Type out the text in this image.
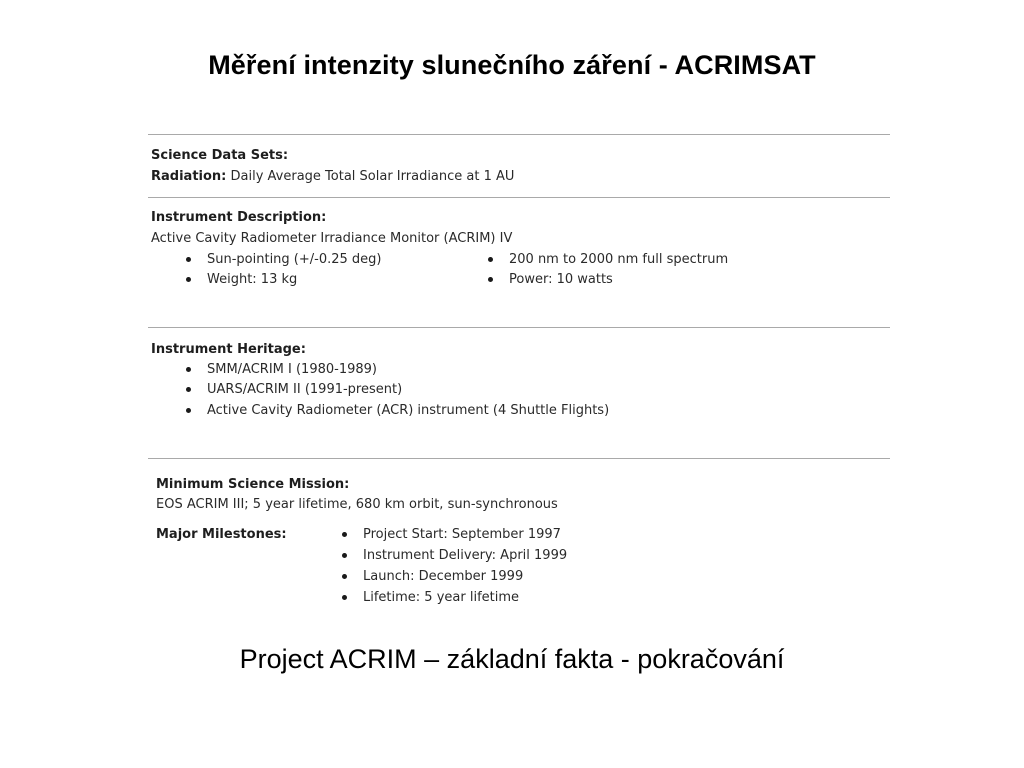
Měření intenzity slunečního záření - ACRIMSAT
Science Data Sets:
Radiation: Daily Average Total Solar Irradiance at 1 AU
Instrument Description:
Active Cavity Radiometer Irradiance Monitor (ACRIM) IV
Sun-pointing (+/-0.25 deg)
Weight: 13 kg
200 nm to 2000 nm full spectrum
Power: 10 watts
Instrument Heritage:
SMM/ACRIM I (1980-1989)
UARS/ACRIM II (1991-present)
Active Cavity Radiometer (ACR) instrument (4 Shuttle Flights)
Minimum Science Mission:
EOS ACRIM III; 5 year lifetime, 680 km orbit, sun-synchronous
Major Milestones:	Project Start: September 1997
Instrument Delivery: April 1999
Launch: December 1999
Lifetime: 5 year lifetime
Project ACRIM – základní fakta - pokračování
